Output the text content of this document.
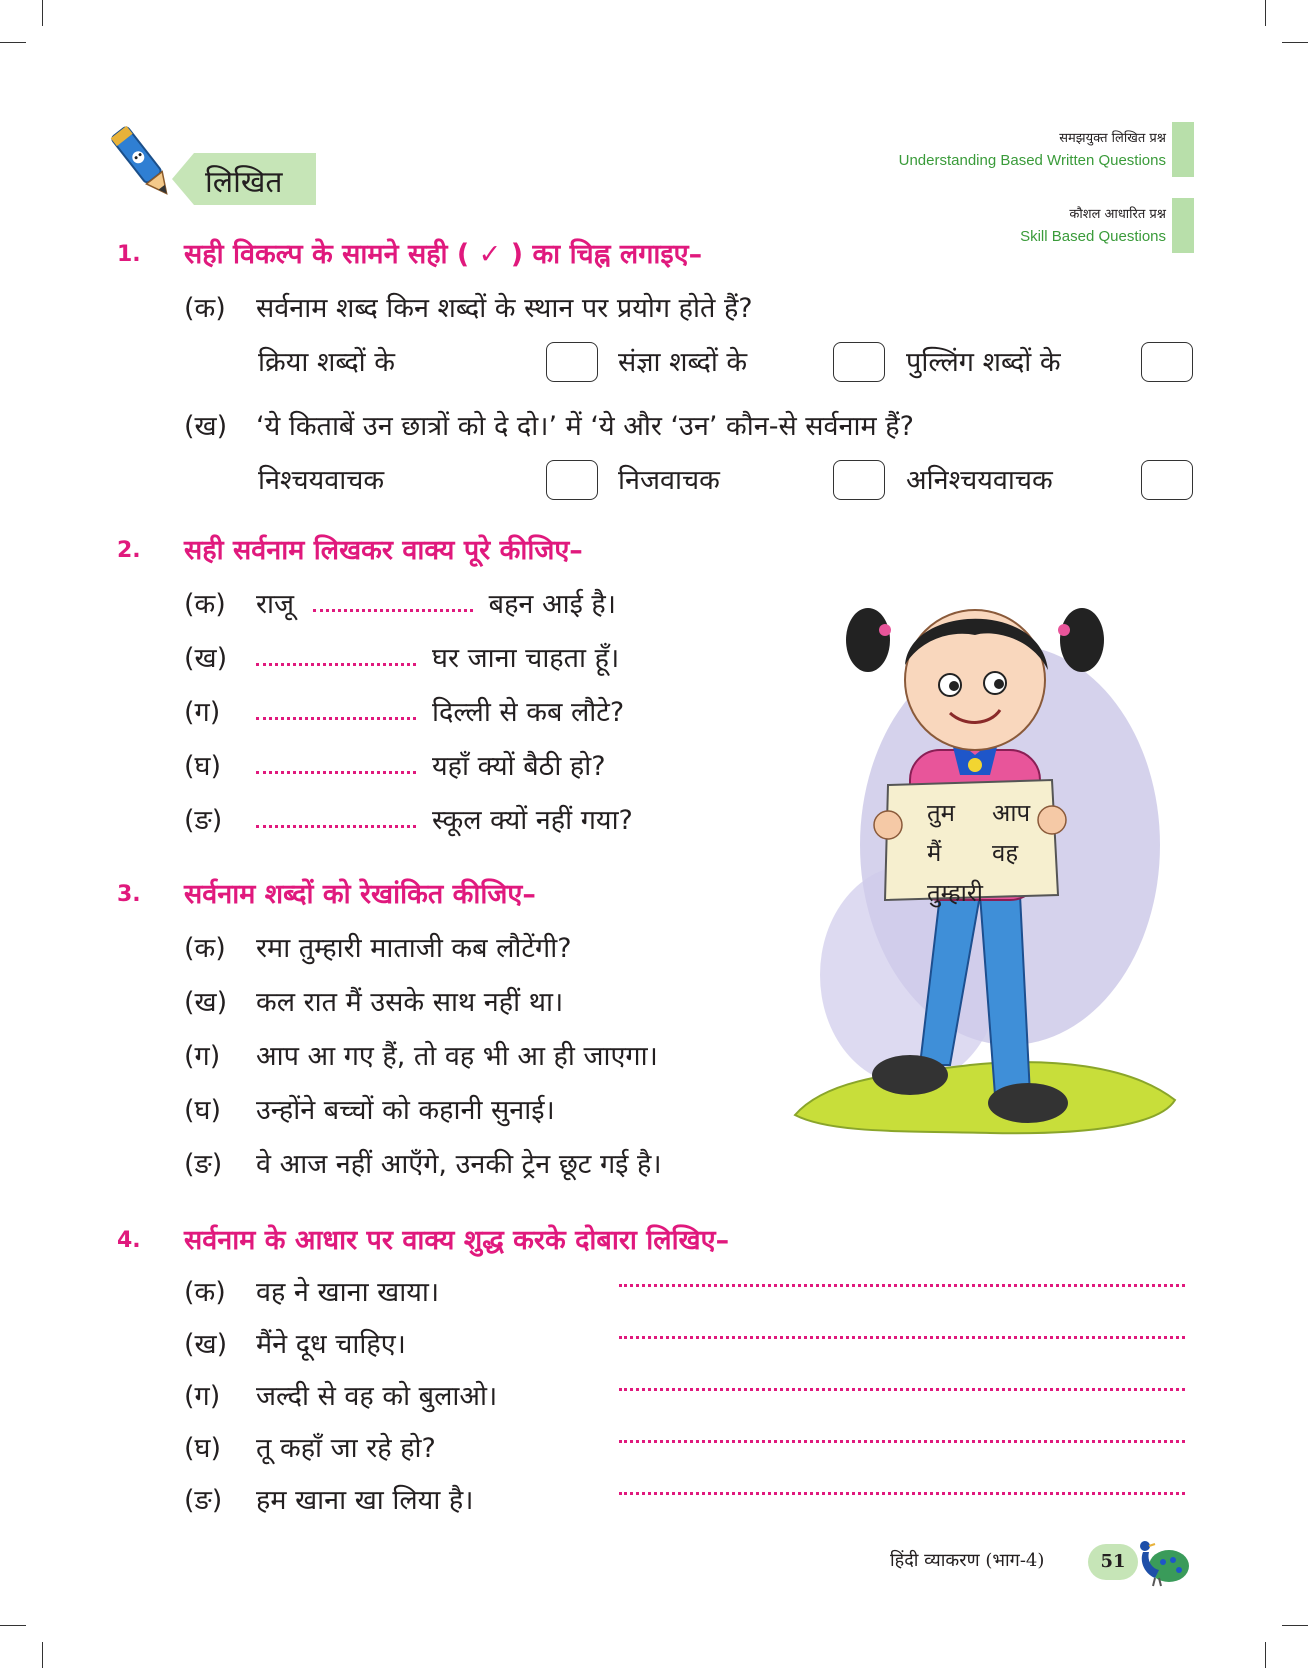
लिखित
समझयुक्त लिखित प्रश्न
Understanding Based Written Questions
कौशल आधारित प्रश्न
Skill Based Questions
1. सही विकल्प के सामने सही ( ✓ ) का चिह्न लगाइए–
(क) सर्वनाम शब्द किन शब्दों के स्थान पर प्रयोग होते हैं?
क्रिया शब्दों के	संज्ञा शब्दों के	पुल्लिंग शब्दों के
(ख) ‘ये किताबें उन छात्रों को दे दो।’ में ‘ये और ‘उन’ कौन-से सर्वनाम हैं?
निश्चयवाचक	निजवाचक	अनिश्चयवाचक
2. सही सर्वनाम लिखकर वाक्य पूरे कीजिए–
(क) राजू	बहन आई है।
(ख)	घर जाना चाहता हूँ।
(ग)	दिल्ली से कब लौटे?
(घ)	यहाँ क्यों बैठी हो?
(ङ)	स्कूल क्यों नहीं गया?	तुम आप
मैं वह
तुम्हारी
3. सर्वनाम शब्दों को रेखांकित कीजिए–
(क) रमा तुम्हारी माताजी कब लौटेंगी?
(ख) कल रात मैं उसके साथ नहीं था।
(ग) आप आ गए हैं, तो वह भी आ ही जाएगा।
(घ) उन्होंने बच्चों को कहानी सुनाई।
(ङ) वे आज नहीं आएँगे, उनकी ट्रेन छूट गई है।
4. सर्वनाम के आधार पर वाक्य शुद्ध करके दोबारा लिखिए–
(क) वह ने खाना खाया।
(ख) मैंने दूध चाहिए।
(ग) जल्दी से वह को बुलाओ।
(घ) तू कहाँ जा रहे हो?
(ङ) हम खाना खा लिया है।
हिंदी व्याकरण (भाग-4)	51
